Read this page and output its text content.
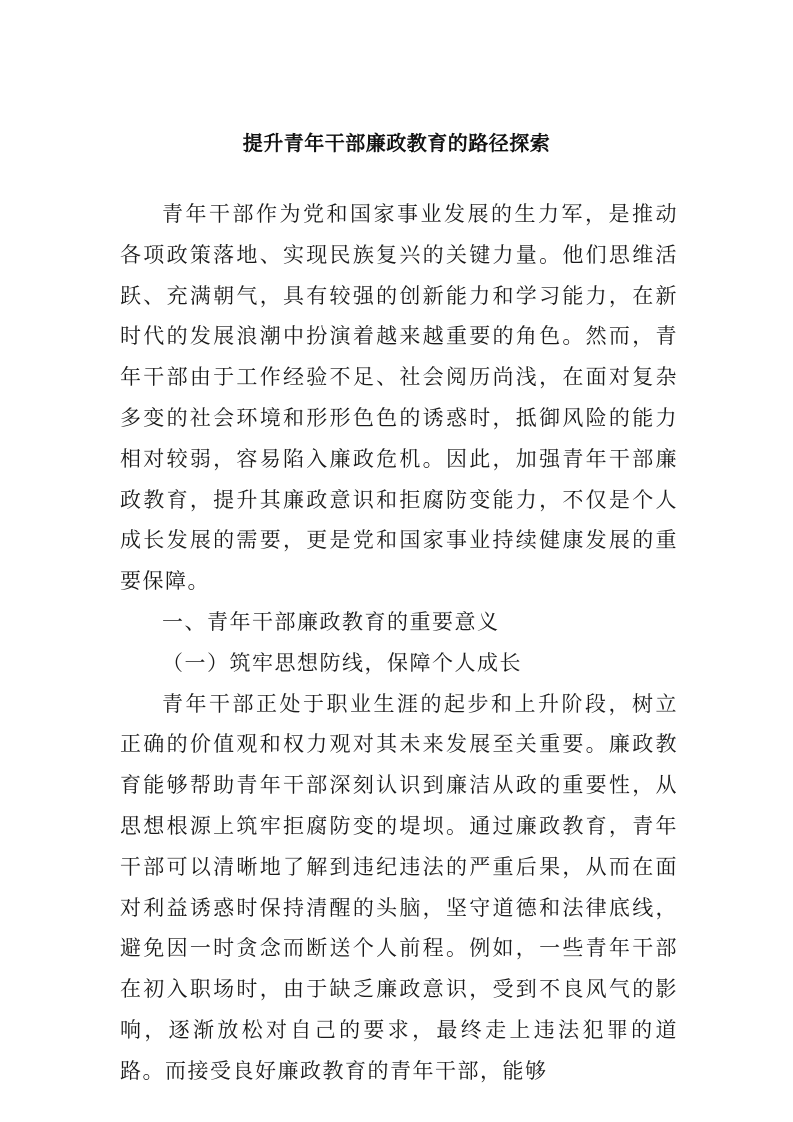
提升青年干部廉政教育的路径探索

青年干部作为党和国家事业发展的生力军，是推动各项政策落地、实现民族复兴的关键力量。他们思维活跃、充满朝气，具有较强的创新能力和学习能力，在新时代的发展浪潮中扮演着越来越重要的角色。然而，青年干部由于工作经验不足、社会阅历尚浅，在面对复杂多变的社会环境和形形色色的诱惑时，抵御风险的能力相对较弱，容易陷入廉政危机。因此，加强青年干部廉政教育，提升其廉政意识和拒腐防变能力，不仅是个人成长发展的需要，更是党和国家事业持续健康发展的重要保障。

一、青年干部廉政教育的重要意义

（一）筑牢思想防线，保障个人成长

青年干部正处于职业生涯的起步和上升阶段，树立正确的价值观和权力观对其未来发展至关重要。廉政教育能够帮助青年干部深刻认识到廉洁从政的重要性，从思想根源上筑牢拒腐防变的堤坝。通过廉政教育，青年干部可以清晰地了解到违纪违法的严重后果，从而在面对利益诱惑时保持清醒的头脑，坚守道德和法律底线，避免因一时贪念而断送个人前程。例如，一些青年干部在初入职场时，由于缺乏廉政意识，受到不良风气的影响，逐渐放松对自己的要求，最终走上违法犯罪的道路。而接受良好廉政教育的青年干部，能够
